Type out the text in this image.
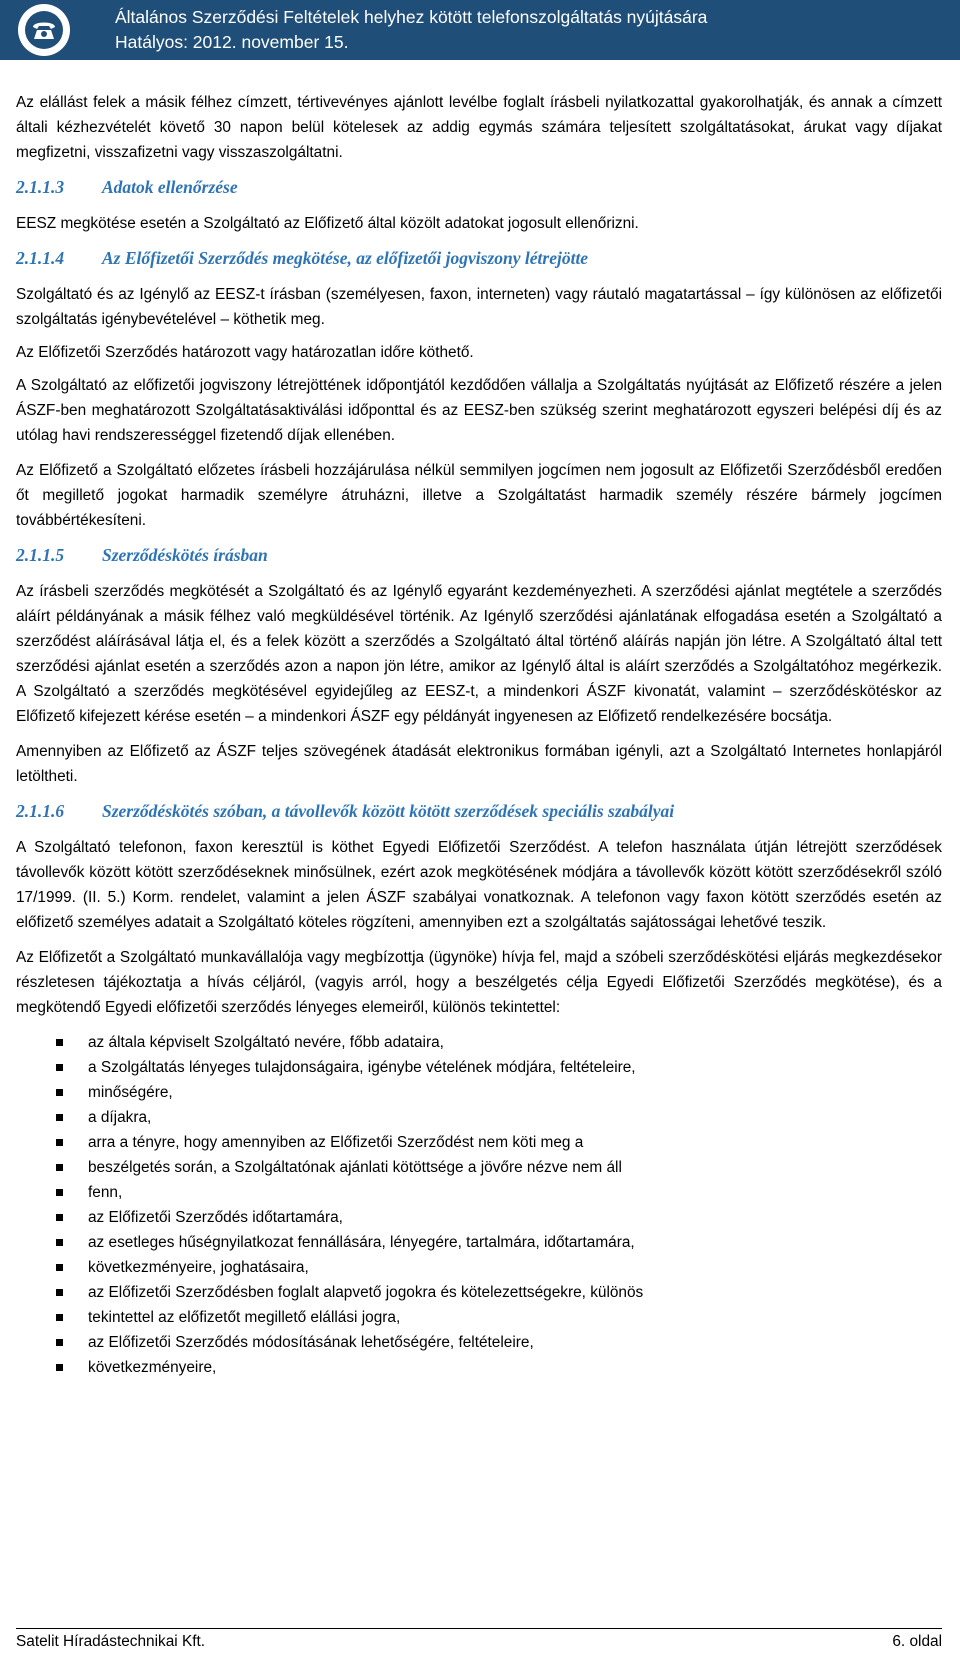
Általános Szerződési Feltételek helyhez kötött telefonszolgáltatás nyújtására
Hatályos: 2012. november 15.

Az elállást felek a másik félhez címzett, tértivevényes ajánlott levélbe foglalt írásbeli nyilatkozattal gyakorolhatják, és annak a címzett általi kézhezvételét követő 30 napon belül kötelesek az addig egymás számára teljesített szolgáltatásokat, árukat vagy díjakat megfizetni, visszafizetni vagy visszaszolgáltatni.

2.1.1.3 Adatok ellenőrzése

EESZ megkötése esetén a Szolgáltató az Előfizető által közölt adatokat jogosult ellenőrizni.

2.1.1.4 Az Előfizetői Szerződés megkötése, az előfizetői jogviszony létrejötte

Szolgáltató és az Igénylő az EESZ-t írásban (személyesen, faxon, interneten) vagy ráutaló magatartással – így különösen az előfizetői szolgáltatás igénybevételével – köthetik meg.

Az Előfizetői Szerződés határozott vagy határozatlan időre köthető.

A Szolgáltató az előfizetői jogviszony létrejöttének időpontjától kezdődően vállalja a Szolgáltatás nyújtását az Előfizető részére a jelen ÁSZF-ben meghatározott Szolgáltatásaktiválási időponttal és az EESZ-ben szükség szerint meghatározott egyszeri belépési díj és az utólag havi rendszerességgel fizetendő díjak ellenében.

Az Előfizető a Szolgáltató előzetes írásbeli hozzájárulása nélkül semmilyen jogcímen nem jogosult az Előfizetői Szerződésből eredően őt megillető jogokat harmadik személyre átruházni, illetve a Szolgáltatást harmadik személy részére bármely jogcímen továbbértékesíteni.

2.1.1.5 Szerződéskötés írásban

Az írásbeli szerződés megkötését a Szolgáltató és az Igénylő egyaránt kezdeményezheti. A szerződési ajánlat megtétele a szerződés aláírt példányának a másik félhez való megküldésével történik. Az Igénylő szerződési ajánlatának elfogadása esetén a Szolgáltató a szerződést aláírásával látja el, és a felek között a szerződés a Szolgáltató által történő aláírás napján jön létre. A Szolgáltató által tett szerződési ajánlat esetén a szerződés azon a napon jön létre, amikor az Igénylő által is aláírt szerződés a Szolgáltatóhoz megérkezik. A Szolgáltató a szerződés megkötésével egyidejűleg az EESZ-t, a mindenkori ÁSZF kivonatát, valamint – szerződéskötéskor az Előfizető kifejezett kérése esetén – a mindenkori ÁSZF egy példányát ingyenesen az Előfizető rendelkezésére bocsátja.

Amennyiben az Előfizető az ÁSZF teljes szövegének átadását elektronikus formában igényli, azt a Szolgáltató Internetes honlapjáról letöltheti.

2.1.1.6 Szerződéskötés szóban, a távollevők között kötött szerződések speciális szabályai

A Szolgáltató telefonon, faxon keresztül is köthet Egyedi Előfizetői Szerződést. A telefon használata útján létrejött szerződések távollevők között kötött szerződéseknek minősülnek, ezért azok megkötésének módjára a távollevők között kötött szerződésekről szóló 17/1999. (II. 5.) Korm. rendelet, valamint a jelen ÁSZF szabályai vonatkoznak. A telefonon vagy faxon kötött szerződés esetén az előfizető személyes adatait a Szolgáltató köteles rögzíteni, amennyiben ezt a szolgáltatás sajátosságai lehetővé teszik.

Az Előfizetőt a Szolgáltató munkavállalója vagy megbízottja (ügynöke) hívja fel, majd a szóbeli szerződéskötési eljárás megkezdésekor részletesen tájékoztatja a hívás céljáról, (vagyis arról, hogy a beszélgetés célja Egyedi Előfizetői Szerződés megkötése), és a megkötendő Egyedi előfizetői szerződés lényeges elemeiről, különös tekintettel:

az általa képviselt Szolgáltató nevére, főbb adataira,
a Szolgáltatás lényeges tulajdonságaira, igénybe vételének módjára, feltételeire,
minőségére,
a díjakra,
arra a tényre, hogy amennyiben az Előfizetői Szerződést nem köti meg a
beszélgetés során, a Szolgáltatónak ajánlati kötöttsége a jövőre nézve nem áll
fenn,
az Előfizetői Szerződés időtartamára,
az esetleges hűségnyilatkozat fennállására, lényegére, tartalmára, időtartamára,
következményeire, joghatásaira,
az Előfizetői Szerződésben foglalt alapvető jogokra és kötelezettségekre, különös
tekintettel az előfizetőt megillető elállási jogra,
az Előfizetői Szerződés módosításának lehetőségére, feltételeire,
következményeire,
Satelit Híradástechnikai Kft.	6. oldal
